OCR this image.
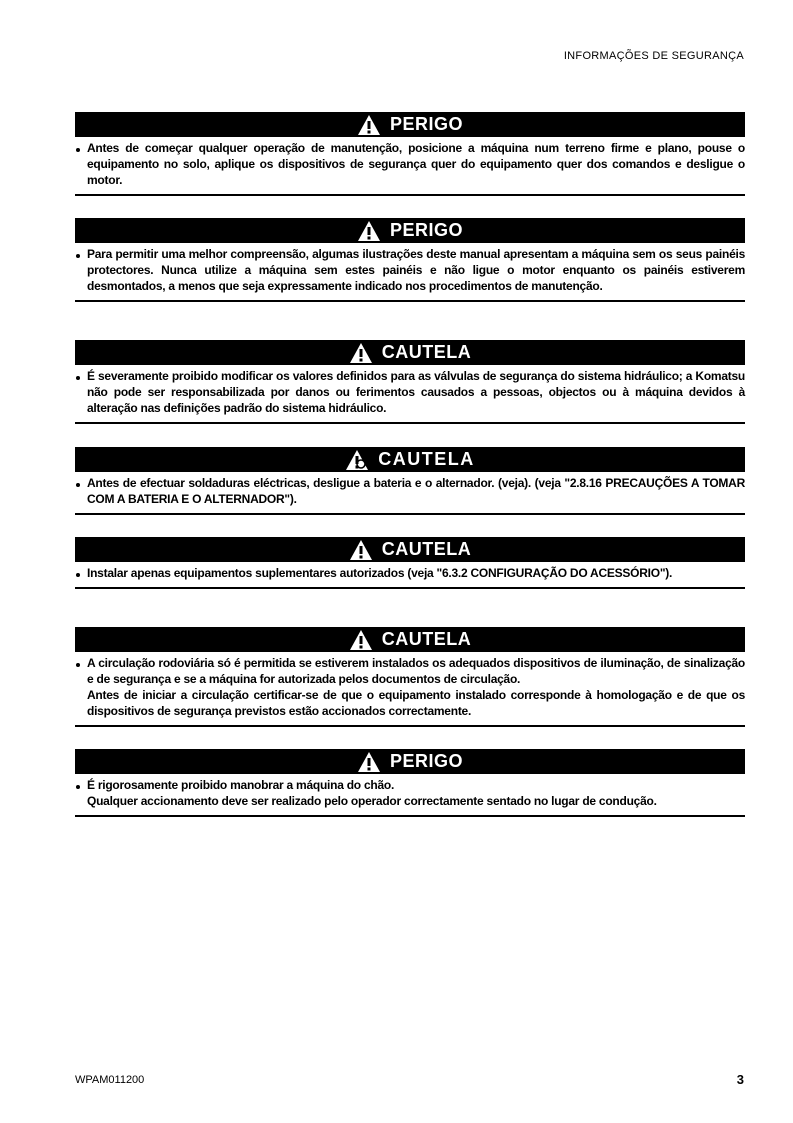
INFORMAÇÕES DE SEGURANÇA
PERIGO

Antes de começar qualquer operação de manutenção, posicione a máquina num terreno firme e plano, pouse o equipamento no solo, aplique os dispositivos de segurança quer do equipamento quer dos comandos e desligue o motor.

PERIGO

Para permitir uma melhor compreensão, algumas ilustrações deste manual apresentam a máquina sem os seus painéis protectores. Nunca utilize a máquina sem estes painéis e não ligue o motor enquanto os painéis estiverem desmontados, a menos que seja expressamente indicado nos procedimentos de manutenção.

CAUTELA

É severamente proibido modificar os valores definidos para as válvulas de segurança do sistema hidráulico; a Komatsu não pode ser responsabilizada por danos ou ferimentos causados a pessoas, objectos ou à máquina devidos à alteração nas definições padrão do sistema hidráulico.

CAUTELA

Antes de efectuar soldaduras eléctricas, desligue a bateria e o alternador. (veja). (veja "2.8.16 PRECAUÇÕES A TOMAR COM A BATERIA E O ALTERNADOR").

CAUTELA

Instalar apenas equipamentos suplementares autorizados (veja "6.3.2 CONFIGURAÇÃO DO ACESSÓRIO").

CAUTELA

A circulação rodoviária só é permitida se estiverem instalados os adequados dispositivos de iluminação, de sinalização e de segurança e se a máquina for autorizada pelos documentos de circulação.

Antes de iniciar a circulação certificar-se de que o equipamento instalado corresponde à homologação e de que os dispositivos de segurança previstos estão accionados correctamente.

PERIGO

É rigorosamente proibido manobrar a máquina do chão.

Qualquer accionamento deve ser realizado pelo operador correctamente sentado no lugar de condução.

WPAM011200	3
